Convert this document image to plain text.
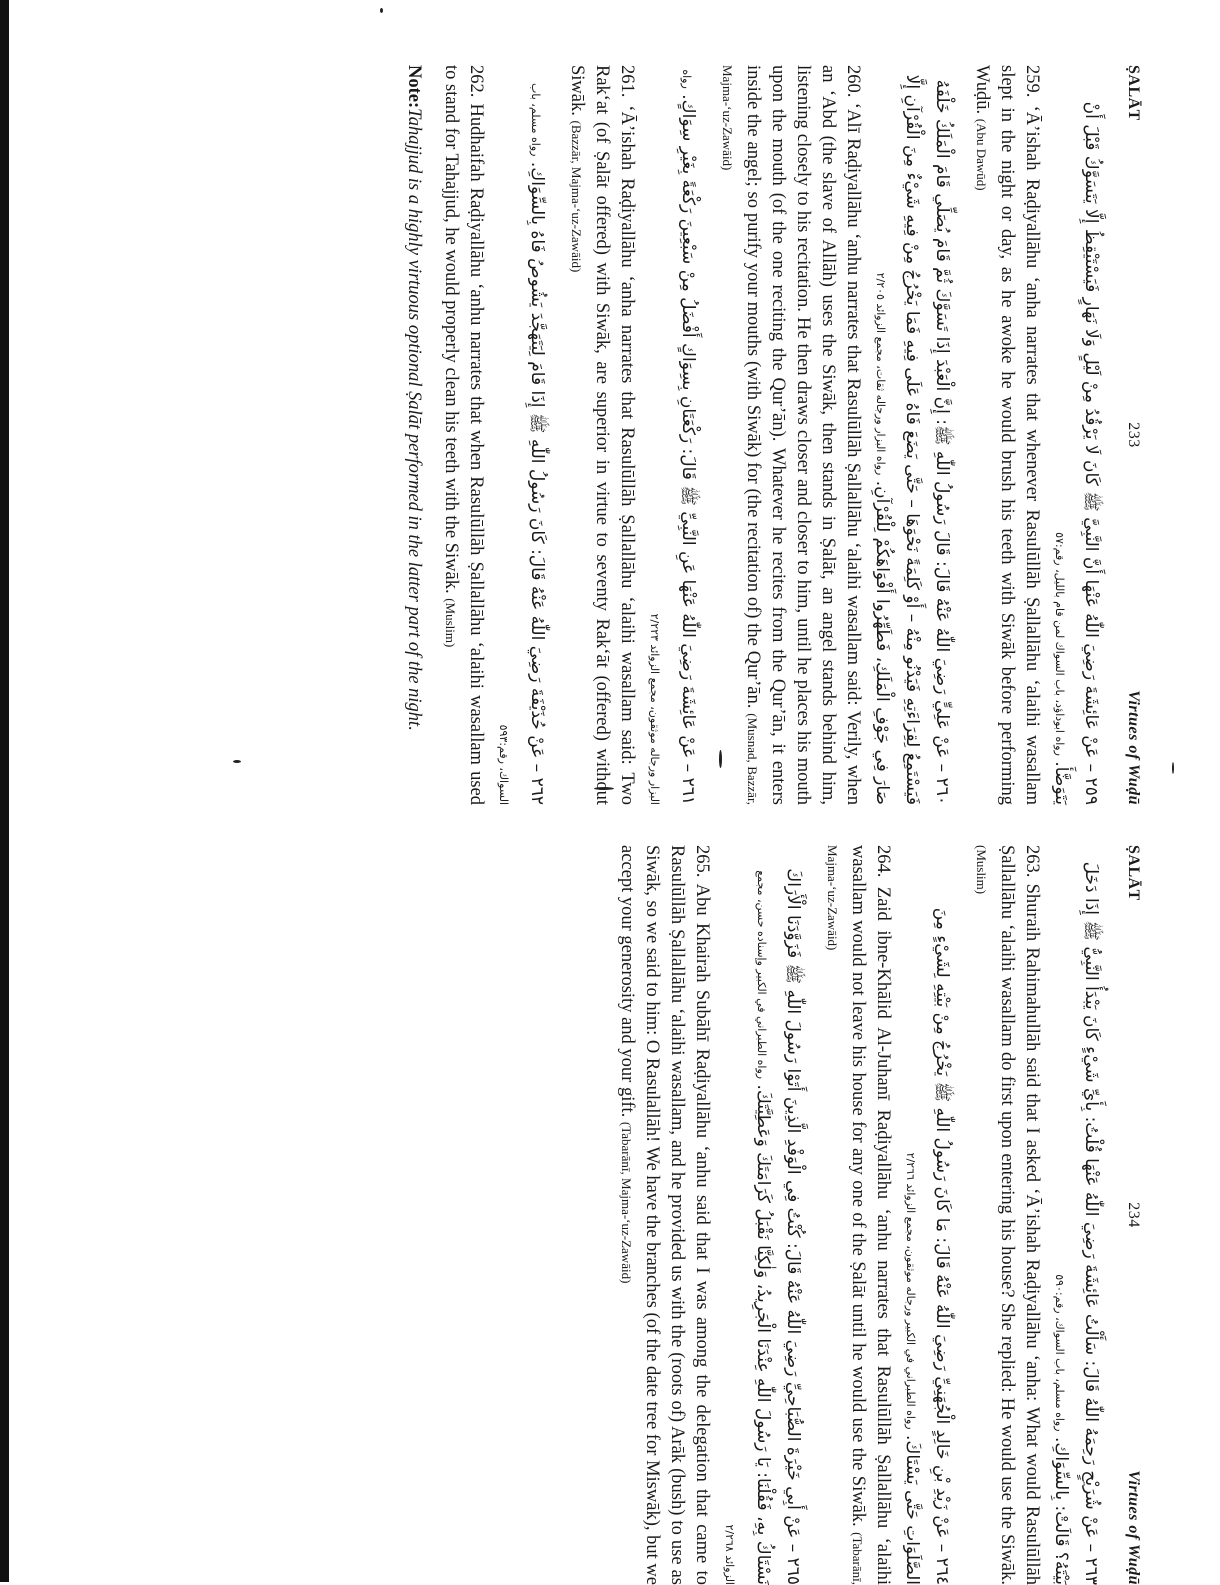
ṢALĀT
233
Virtues of Wuḍū

٢٥٩ – عَنْ عَائِشَةَ رَضِيَ اللّٰهُ عَنْهَا أَنَّ النَّبِيَّ ﷺ كَانَ لَا يَرْقُدُ مِنْ لَيْلٍ وَلَا نَهَارٍ فَيَسْتَيْقِظُ إِلَّا يَتَسَوَّكُ قَبْلَ أَنْ يَتَوَضَّأَ. رواه ابوداؤد، باب السواك لمن قام بالليل، رقم:٥٧

259. ‘Ā’ishah Raḍiyallāhu ‘anha narrates that whenever Rasulūllāh Ṣallallāhu ‘alaihi wasallam slept in the night or day, as he awoke he would brush his teeth with Siwāk before performing Wuḍū. (Abu Dawūd)

٢٦٠ – عَنْ عَلِيٍّ رَضِيَ اللّٰهُ عَنْهُ قَالَ: قَالَ رَسُولُ اللّٰهِ ﷺ: إِنَّ الْعَبْدَ إِذَا تَسَوَّكَ ثُمَّ قَامَ يُصَلِّي قَامَ الْمَلَكُ خَلْفَهُ فَيَسْتَمِعُ لِقِرَاءَتِهِ فَيَدْنُو مِنْهُ – أَوْ كَلِمَةً نَحْوَهَا – حَتَّى يَضَعَ فَاهُ عَلَى فِيهِ فَمَا يَخْرُجُ مِنْ فِيهِ شَيْءٌ مِنَ الْقُرْآنِ إِلَّا صَارَ فِي جَوْفِ الْمَلَكِ، فَطَهِّرُوا أَفْوَاهَكُمْ لِلْقُرْآنِ. رواه البزار ورجاله ثقات، مجمع الزوائد ٢/٢٠٥

260. ‘Alī Raḍiyallāhu ‘anhu narrates that Rasulūllāh Ṣallallāhu ‘alaihi wasallam said: Verily, when an ‘Abd (the slave of Allāh) uses the Siwāk, then stands in Ṣalāt, an angel stands behind him, listening closely to his recitation. He then draws closer and closer to him, until he places his mouth upon the mouth (of the one reciting the Qur’ān). Whatever he recites from the Qur’ān, it enters inside the angel; so purify your mouths (with Siwāk) for (the recitation of) the Qur’ān. (Musnad, Bazzār, Majma-‘uz-Zawāid)

٢٦١ – عَنْ عَائِشَةَ رَضِيَ اللّٰهُ عَنْهَا عَنِ النَّبِيِّ ﷺ قَالَ: رَكْعَتَانِ بِسِوَاكٍ أَفْضَلُ مِنْ سَبْعِينَ رَكْعَةً بِغَيْرِ سِوَاكٍ. رواه البزار ورجاله موثقون، مجمع الزوائد ٢/٢٢٣

261. ‘Ā’ishah Raḍiyallāhu ‘anha narrates that Rasulūllāh Ṣallallāhu ‘alaihi wasallam said: Two Rak‘at (of Ṣalāt offered) with Siwāk, are superior in virtue to seventy Rak‘āt (offered) without Siwāk. (Bazzār, Majma-‘uz-Zawāid)

٢٦٢ – عَنْ حُذَيْفَةَ رَضِيَ اللّٰهُ عَنْهُ قَالَ: كَانَ رَسُولُ اللّٰهِ ﷺ إِذَا قَامَ لِيَتَهَجَّدَ يَشُوصُ فَاهُ بِالسِّوَاكِ. رواه مسلم، باب السواك، رقم:٥٩٣

262. Hudhaifah Raḍiyallāhu ‘anhu narrates that when Rasulūllāh Ṣallallāhu ‘alaihi wasallam used to stand for Tahajjud, he would properly clean his teeth with the Siwāk. (Muslim)

Note:Tahajjud is a highly virtuous optional Ṣalāt performed in the latter part of the night.

ṢALĀT
234
Virtues of Wuḍū

٢٦٣ – عَنْ شُرَيْحٍ رَحِمَهُ اللّٰهُ قَالَ: سَأَلْتُ عَائِشَةَ رَضِيَ اللّٰهُ عَنْهَا قُلْتُ: بِأَيِّ شَيْءٍ كَانَ يَبْدَأُ النَّبِيُّ ﷺ إِذَا دَخَلَ بَيْتَهُ؟ قَالَتْ: بِالسِّوَاكِ. رواه مسلم، باب السواك، رقم:٥٩٠

263. Shuraih Rahimahullāh said that I asked ‘Ā’ishah Raḍiyallāhu ‘anha: What would Rasulūllāh Ṣallallāhu ‘alaihi wasallam do first upon entering his house? She replied: He would use the Siwāk. (Muslim)

٢٦٤ – عَنْ زَيْدِ بْنِ خَالِدٍ الْجُهَنِيِّ رَضِيَ اللّٰهُ عَنْهُ قَالَ: مَا كَانَ رَسُولُ اللّٰهِ ﷺ يَخْرُجُ مِنْ بَيْتِهِ لِشَيْءٍ مِنَ الصَّلَوَاتِ حَتَّى يَسْتَاكَ. رواه الطبراني في الكبير ورجاله موثقون، مجمع الزوائد ٢/٢٦٦

264. Zaid ibne-Khālid Al-Juhanī Raḍiyallāhu ‘anhu narrates that Rasulūllāh Ṣallallāhu ‘alaihi wasallam would not leave his house for any one of the Ṣalāt until he would use the Siwāk. (Tabarānī, Majma-‘uz-Zawāid)

٢٦٥ – عَنْ أَبِي خَيْرَةَ الصُّبَاحِيِّ رَضِيَ اللّٰهُ عَنْهُ قَالَ: كُنْتُ فِي الْوَفْدِ الَّذِينَ أَتَوْا رَسُولَ اللّٰهِ ﷺ فَزَوَّدَنَا الْأَرَاكَ نَسْتَاكُ بِهِ، فَقُلْنَا: يَا رَسُولَ اللّٰهِ عِنْدَنَا الْجَرِيدُ، وَلٰكِنَّا نَقْبَلُ كَرَامَتَكَ وَعَطِيَّتَكَ. رواه الطبراني في الكبير وإسناده حسن، مجمع الزوائد ٢/٢٦٨

265. Abu Khairah Subāhī Raḍiyallāhu ‘anhu said that I was among the delegation that came to Rasulūllāh Ṣallallāhu ‘alaihi wasallam, and he provided us with the (roots of) Arāk (bush) to use as Siwāk, so we said to him: O Rasulallāh! We have the branches (of the date tree for Miswāk), but we accept your generosity and your gift. (Tabarānī, Majma-‘uz-Zawāid)
